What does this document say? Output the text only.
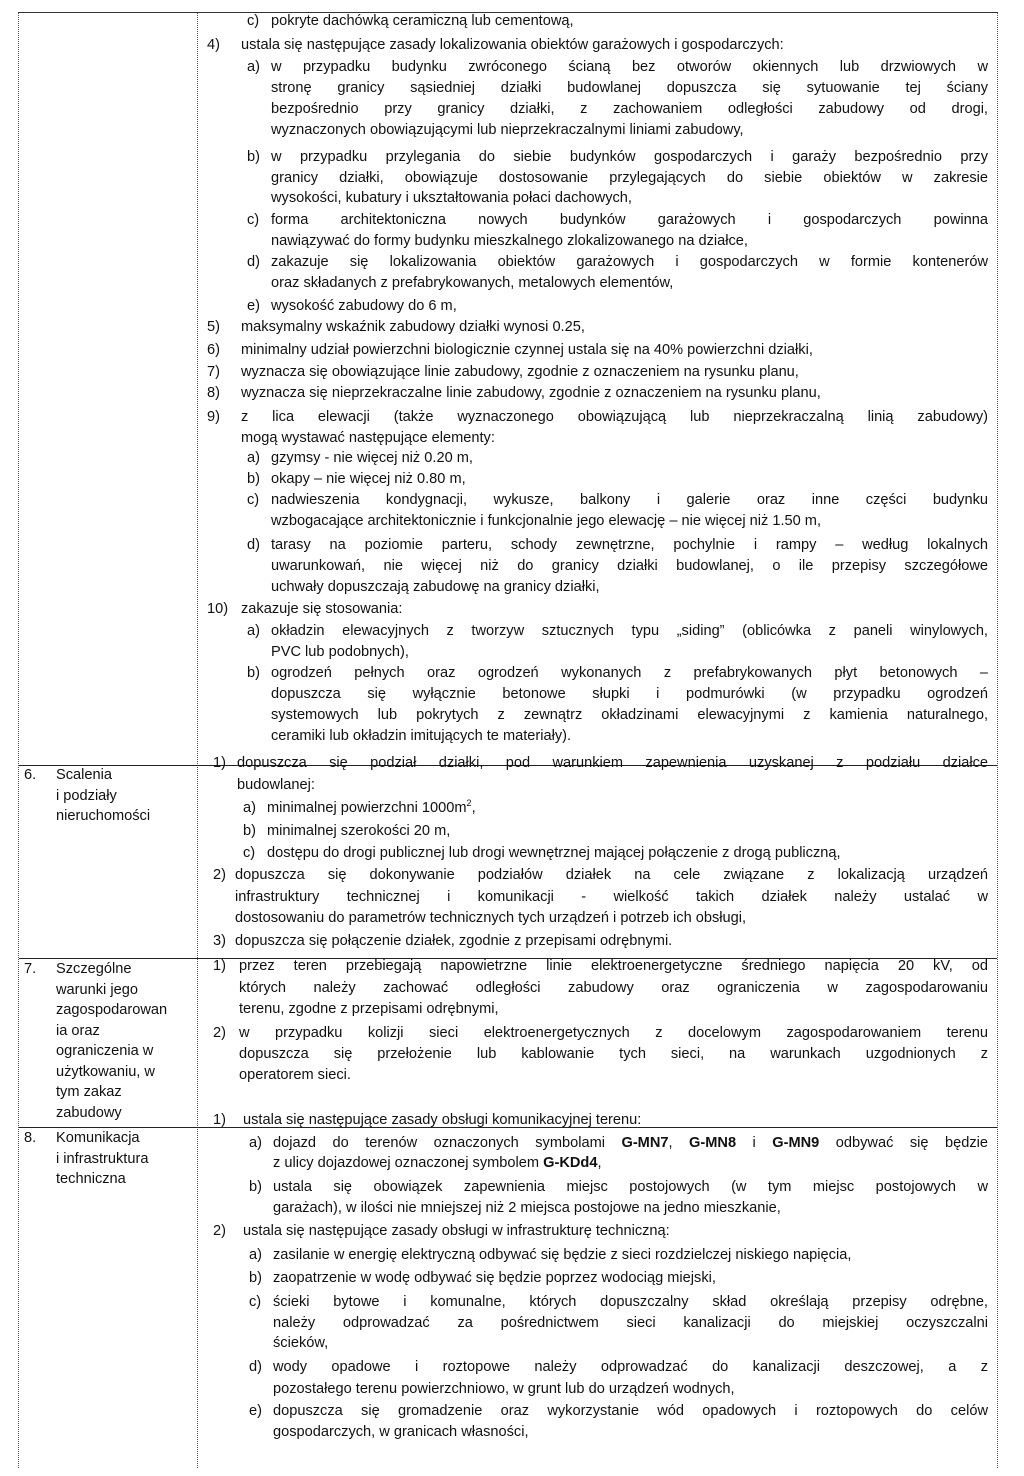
6. Scalenia
i podziały
nieruchomości
7. Szczególne
warunki jego
zagospodarowan
ia oraz
ograniczenia w
użytkowaniu, w
tym zakaz
zabudowy
8. Komunikacja
i infrastruktura
techniczna
c) pokryte dachówką ceramiczną lub cementową,
4) ustala się następujące zasady lokalizowania obiektów garażowych i gospodarczych:
a) w przypadku budynku zwróconego ścianą bez otworów okiennych lub drzwiowych w
stronę granicy sąsiedniej działki budowlanej dopuszcza się sytuowanie tej ściany
bezpośrednio przy granicy działki, z zachowaniem odległości zabudowy od drogi,
wyznaczonych obowiązującymi lub nieprzekraczalnymi liniami zabudowy,
b) w przypadku przylegania do siebie budynków gospodarczych i garaży bezpośrednio przy
granicy działki, obowiązuje dostosowanie przylegających do siebie obiektów w zakresie
wysokości, kubatury i ukształtowania połaci dachowych,
c) forma architektoniczna nowych budynków garażowych i gospodarczych powinna
nawiązywać do formy budynku mieszkalnego zlokalizowanego na działce,
d) zakazuje się lokalizowania obiektów garażowych i gospodarczych w formie kontenerów
oraz składanych z prefabrykowanych, metalowych elementów,
e) wysokość zabudowy do 6 m,
5) maksymalny wskaźnik zabudowy działki wynosi 0.25,
6) minimalny udział powierzchni biologicznie czynnej ustala się na 40% powierzchni działki,
7) wyznacza się obowiązujące linie zabudowy, zgodnie z oznaczeniem na rysunku planu,
8) wyznacza się nieprzekraczalne linie zabudowy, zgodnie z oznaczeniem na rysunku planu,
9) z lica elewacji (także wyznaczonego obowiązującą lub nieprzekraczalną linią zabudowy)
mogą wystawać następujące elementy:
a) gzymsy - nie więcej niż 0.20 m,
b) okapy – nie więcej niż 0.80 m,
c) nadwieszenia kondygnacji, wykusze, balkony i galerie oraz inne części budynku
wzbogacające architektonicznie i funkcjonalnie jego elewację – nie więcej niż 1.50 m,
d) tarasy na poziomie parteru, schody zewnętrzne, pochylnie i rampy – według lokalnych
uwarunkowań, nie więcej niż do granicy działki budowlanej, o ile przepisy szczegółowe
uchwały dopuszczają zabudowę na granicy działki,
10) zakazuje się stosowania:
a) okładzin elewacyjnych z tworzyw sztucznych typu „siding” (oblicówka z paneli winylowych,
PVC lub podobnych),
b) ogrodzeń pełnych oraz ogrodzeń wykonanych z prefabrykowanych płyt betonowych –
dopuszcza się wyłącznie betonowe słupki i podmurówki (w przypadku ogrodzeń
systemowych lub pokrytych z zewnątrz okładzinami elewacyjnymi z kamienia naturalnego,
ceramiki lub okładzin imitujących te materiały).
1) dopuszcza się podział działki, pod warunkiem zapewnienia uzyskanej z podziału działce
budowlanej:
a) minimalnej powierzchni $1000m^2$,
b) minimalnej szerokości 20 m,
c) dostępu do drogi publicznej lub drogi wewnętrznej mającej połączenie z drogą publiczną,
2) dopuszcza się dokonywanie podziałów działek na cele związane z lokalizacją urządzeń
infrastruktury technicznej i komunikacji - wielkość takich działek należy ustalać w
dostosowaniu do parametrów technicznych tych urządzeń i potrzeb ich obsługi,
3) dopuszcza się połączenie działek, zgodnie z przepisami odrębnymi.
1) przez teren przebiegają napowietrzne linie elektroenergetyczne średniego napięcia 20 kV, od
których należy zachować odległości zabudowy oraz ograniczenia w zagospodarowaniu
terenu, zgodne z przepisami odrębnymi,
2) w przypadku kolizji sieci elektroenergetycznych z docelowym zagospodarowaniem terenu
dopuszcza się przełożenie lub kablowanie tych sieci, na warunkach uzgodnionych z
operatorem sieci.
1) ustala się następujące zasady obsługi komunikacyjnej terenu:
a) dojazd do terenów oznaczonych symbolami G-MN7, G-MN8 i G-MN9 odbywać się będzie
z ulicy dojazdowej oznaczonej symbolem G-KDd4,
b) ustala się obowiązek zapewnienia miejsc postojowych (w tym miejsc postojowych w
garażach), w ilości nie mniejszej niż 2 miejsca postojowe na jedno mieszkanie,
2) ustala się następujące zasady obsługi w infrastrukturę techniczną:
a) zasilanie w energię elektryczną odbywać się będzie z sieci rozdzielczej niskiego napięcia,
b) zaopatrzenie w wodę odbywać się będzie poprzez wodociąg miejski,
c) ścieki bytowe i komunalne, których dopuszczalny skład określają przepisy odrębne,
należy odprowadzać za pośrednictwem sieci kanalizacji do miejskiej oczyszczalni
ścieków,
d) wody opadowe i roztopowe należy odprowadzać do kanalizacji deszczowej, a z
pozostałego terenu powierzchniowo, w grunt lub do urządzeń wodnych,
e) dopuszcza się gromadzenie oraz wykorzystanie wód opadowych i roztopowych do celów
gospodarczych, w granicach własności,
